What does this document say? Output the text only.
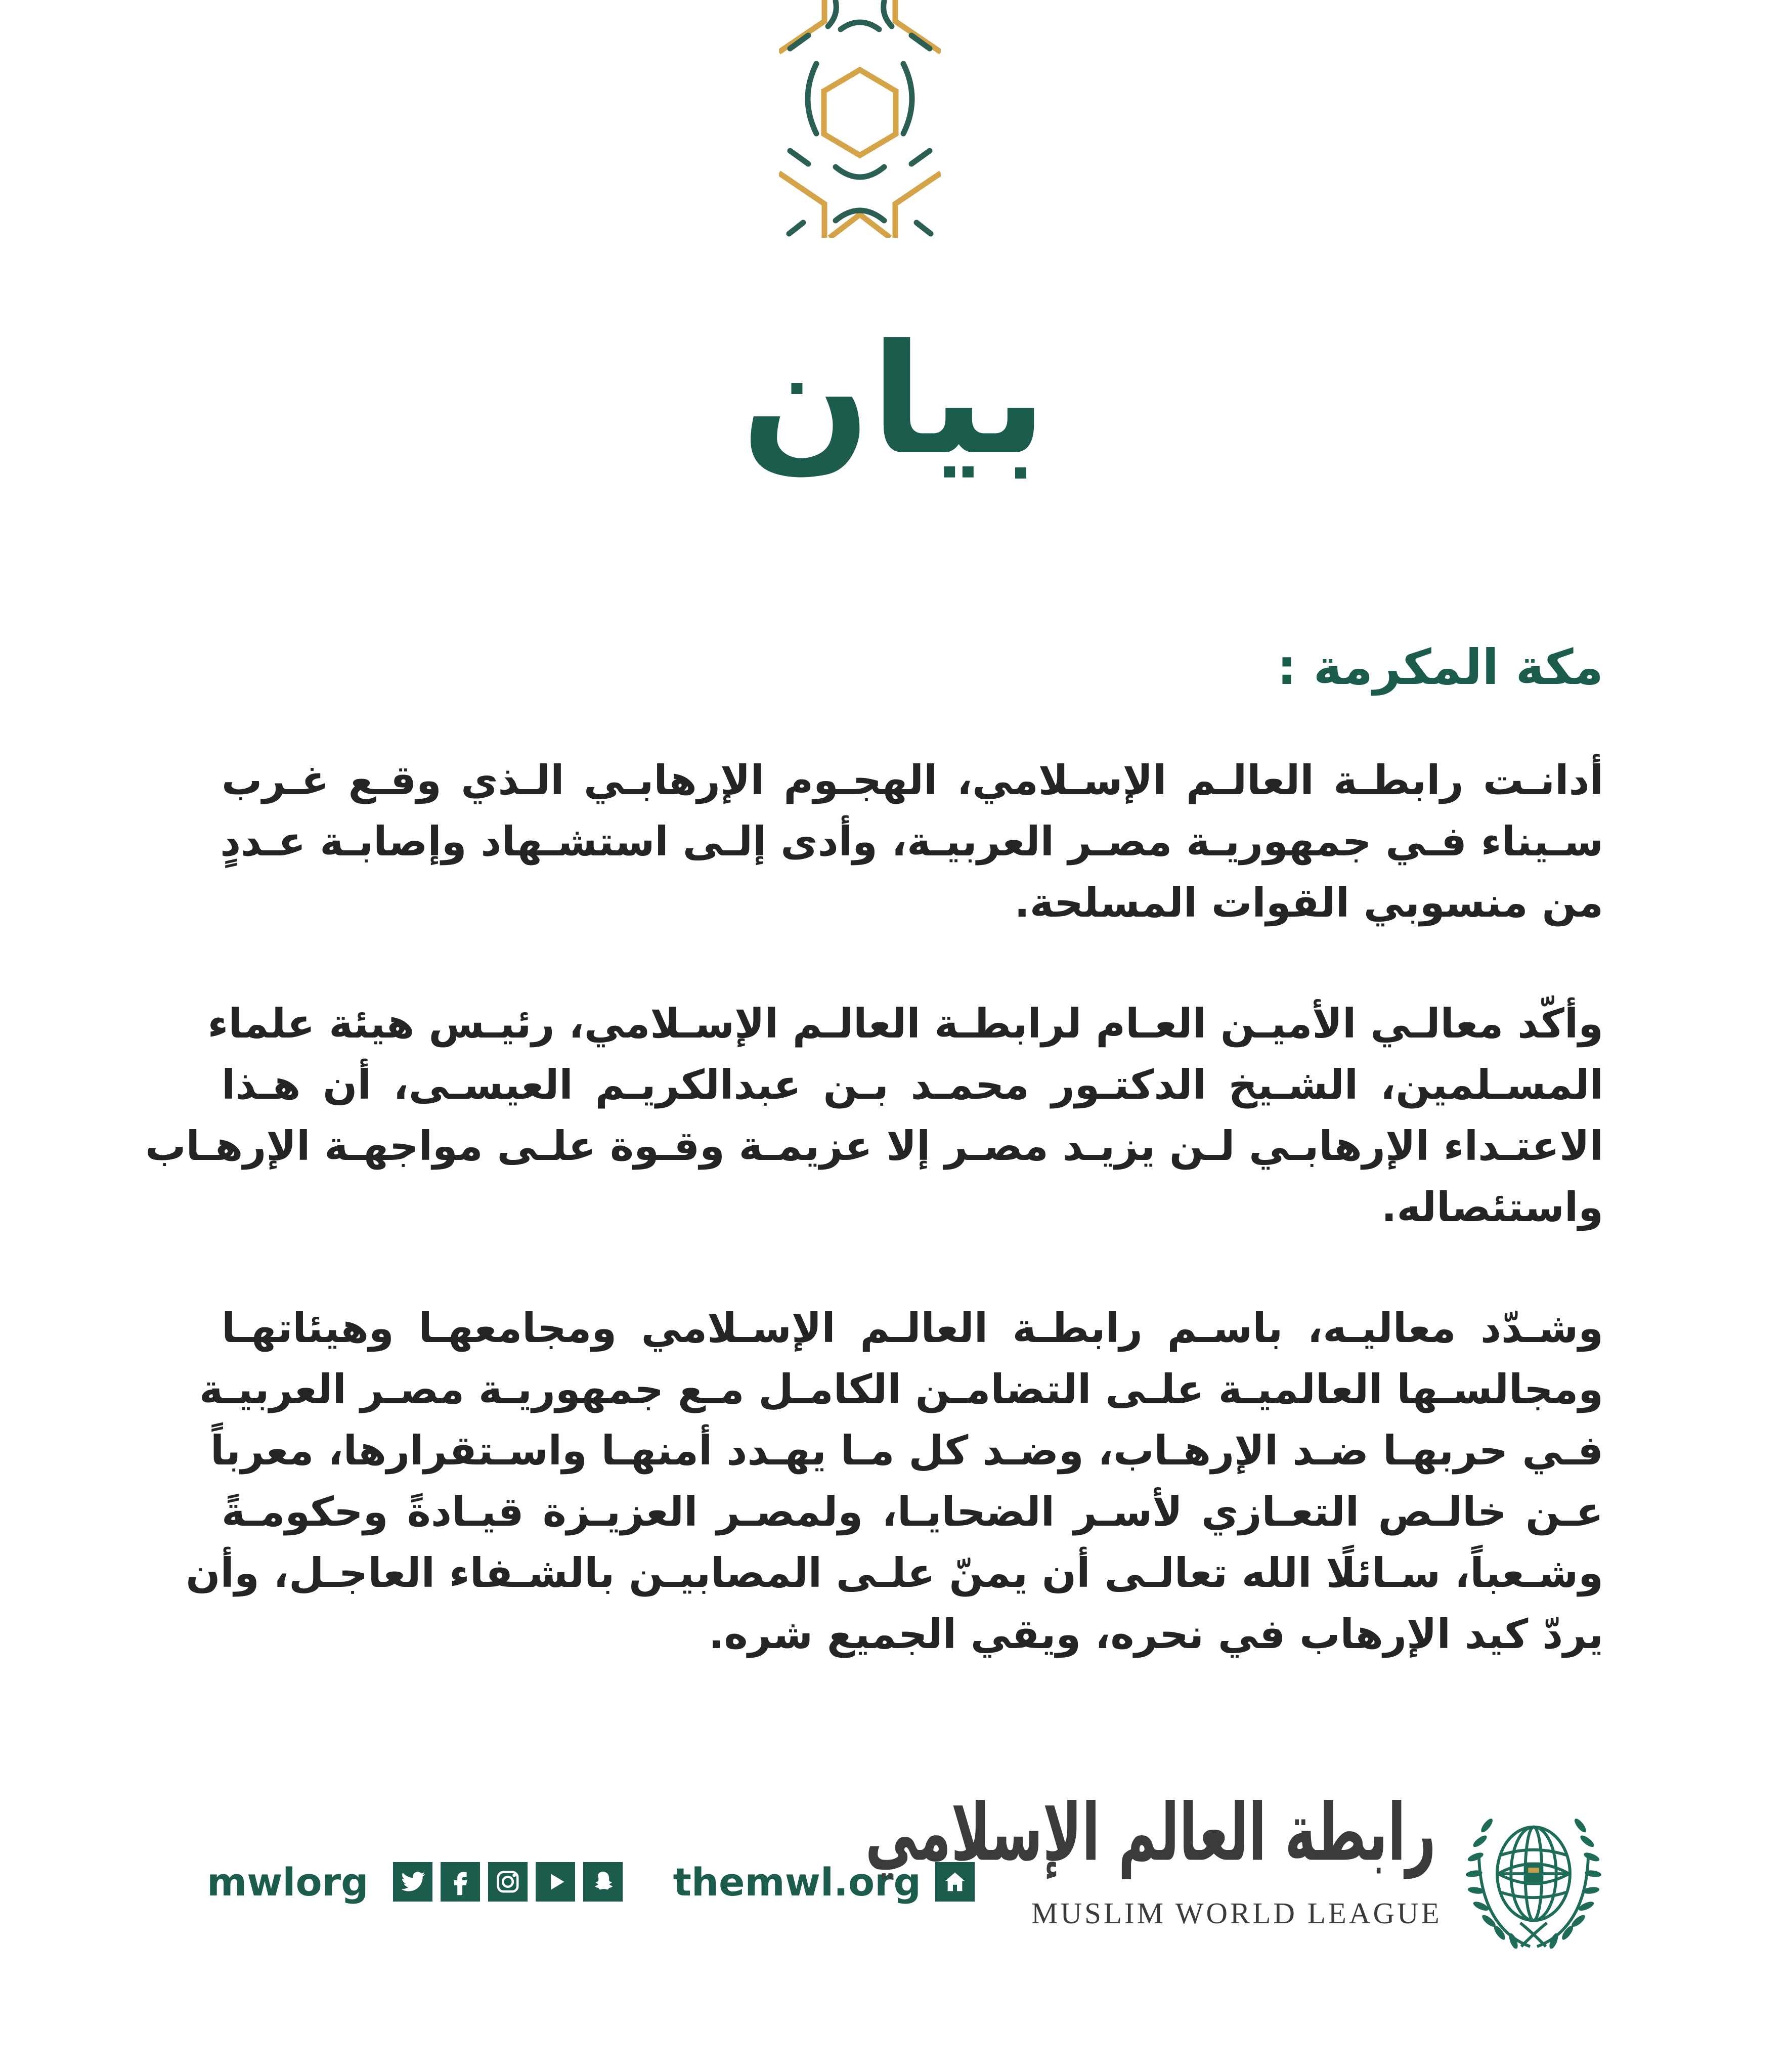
بيان
مكة المكرمة :
أدانـت رابطـة العالـم الإسـلامي، الهجـوم الإرهابـي الـذي وقـع غـرب
سـيناء فـي جمهوريـة مصـر العربيـة، وأدى إلـى استشـهاد وإصابـة عـددٍ
من منسوبي القوات المسلحة.
وأكّد معالـي الأميـن العـام لرابطـة العالـم الإسـلامي، رئيـس هيئة علماء
المسـلمين، الشـيخ الدكتـور محمـد بـن عبدالكريـم العيسـى، أن هـذا
الاعتـداء الإرهابـي لـن يزيـد مصـر إلا عزيمـة وقـوة علـى مواجهـة الإرهـاب
واستئصاله.
وشـدّد معاليـه، باسـم رابطـة العالـم الإسـلامي ومجامعهـا وهيئاتهـا
ومجالسـها العالميـة علـى التضامـن الكامـل مـع جمهوريـة مصـر العربيـة
فـي حربهـا ضـد الإرهـاب، وضـد كل مـا يهـدد أمنهـا واسـتقرارها، معرباً
عـن خالـص التعـازي لأسـر الضحايـا، ولمصـر العزيـزة قيـادةً وحكومـةً
وشـعباً، سـائلًا الله تعالـى أن يمنّ علـى المصابيـن بالشـفاء العاجـل، وأن
يردّ كيد الإرهاب في نحره، ويقي الجميع شره.
mwlorg	themwl.org
رابطة العالم الإسلامي
MUSLIM WORLD LEAGUE
